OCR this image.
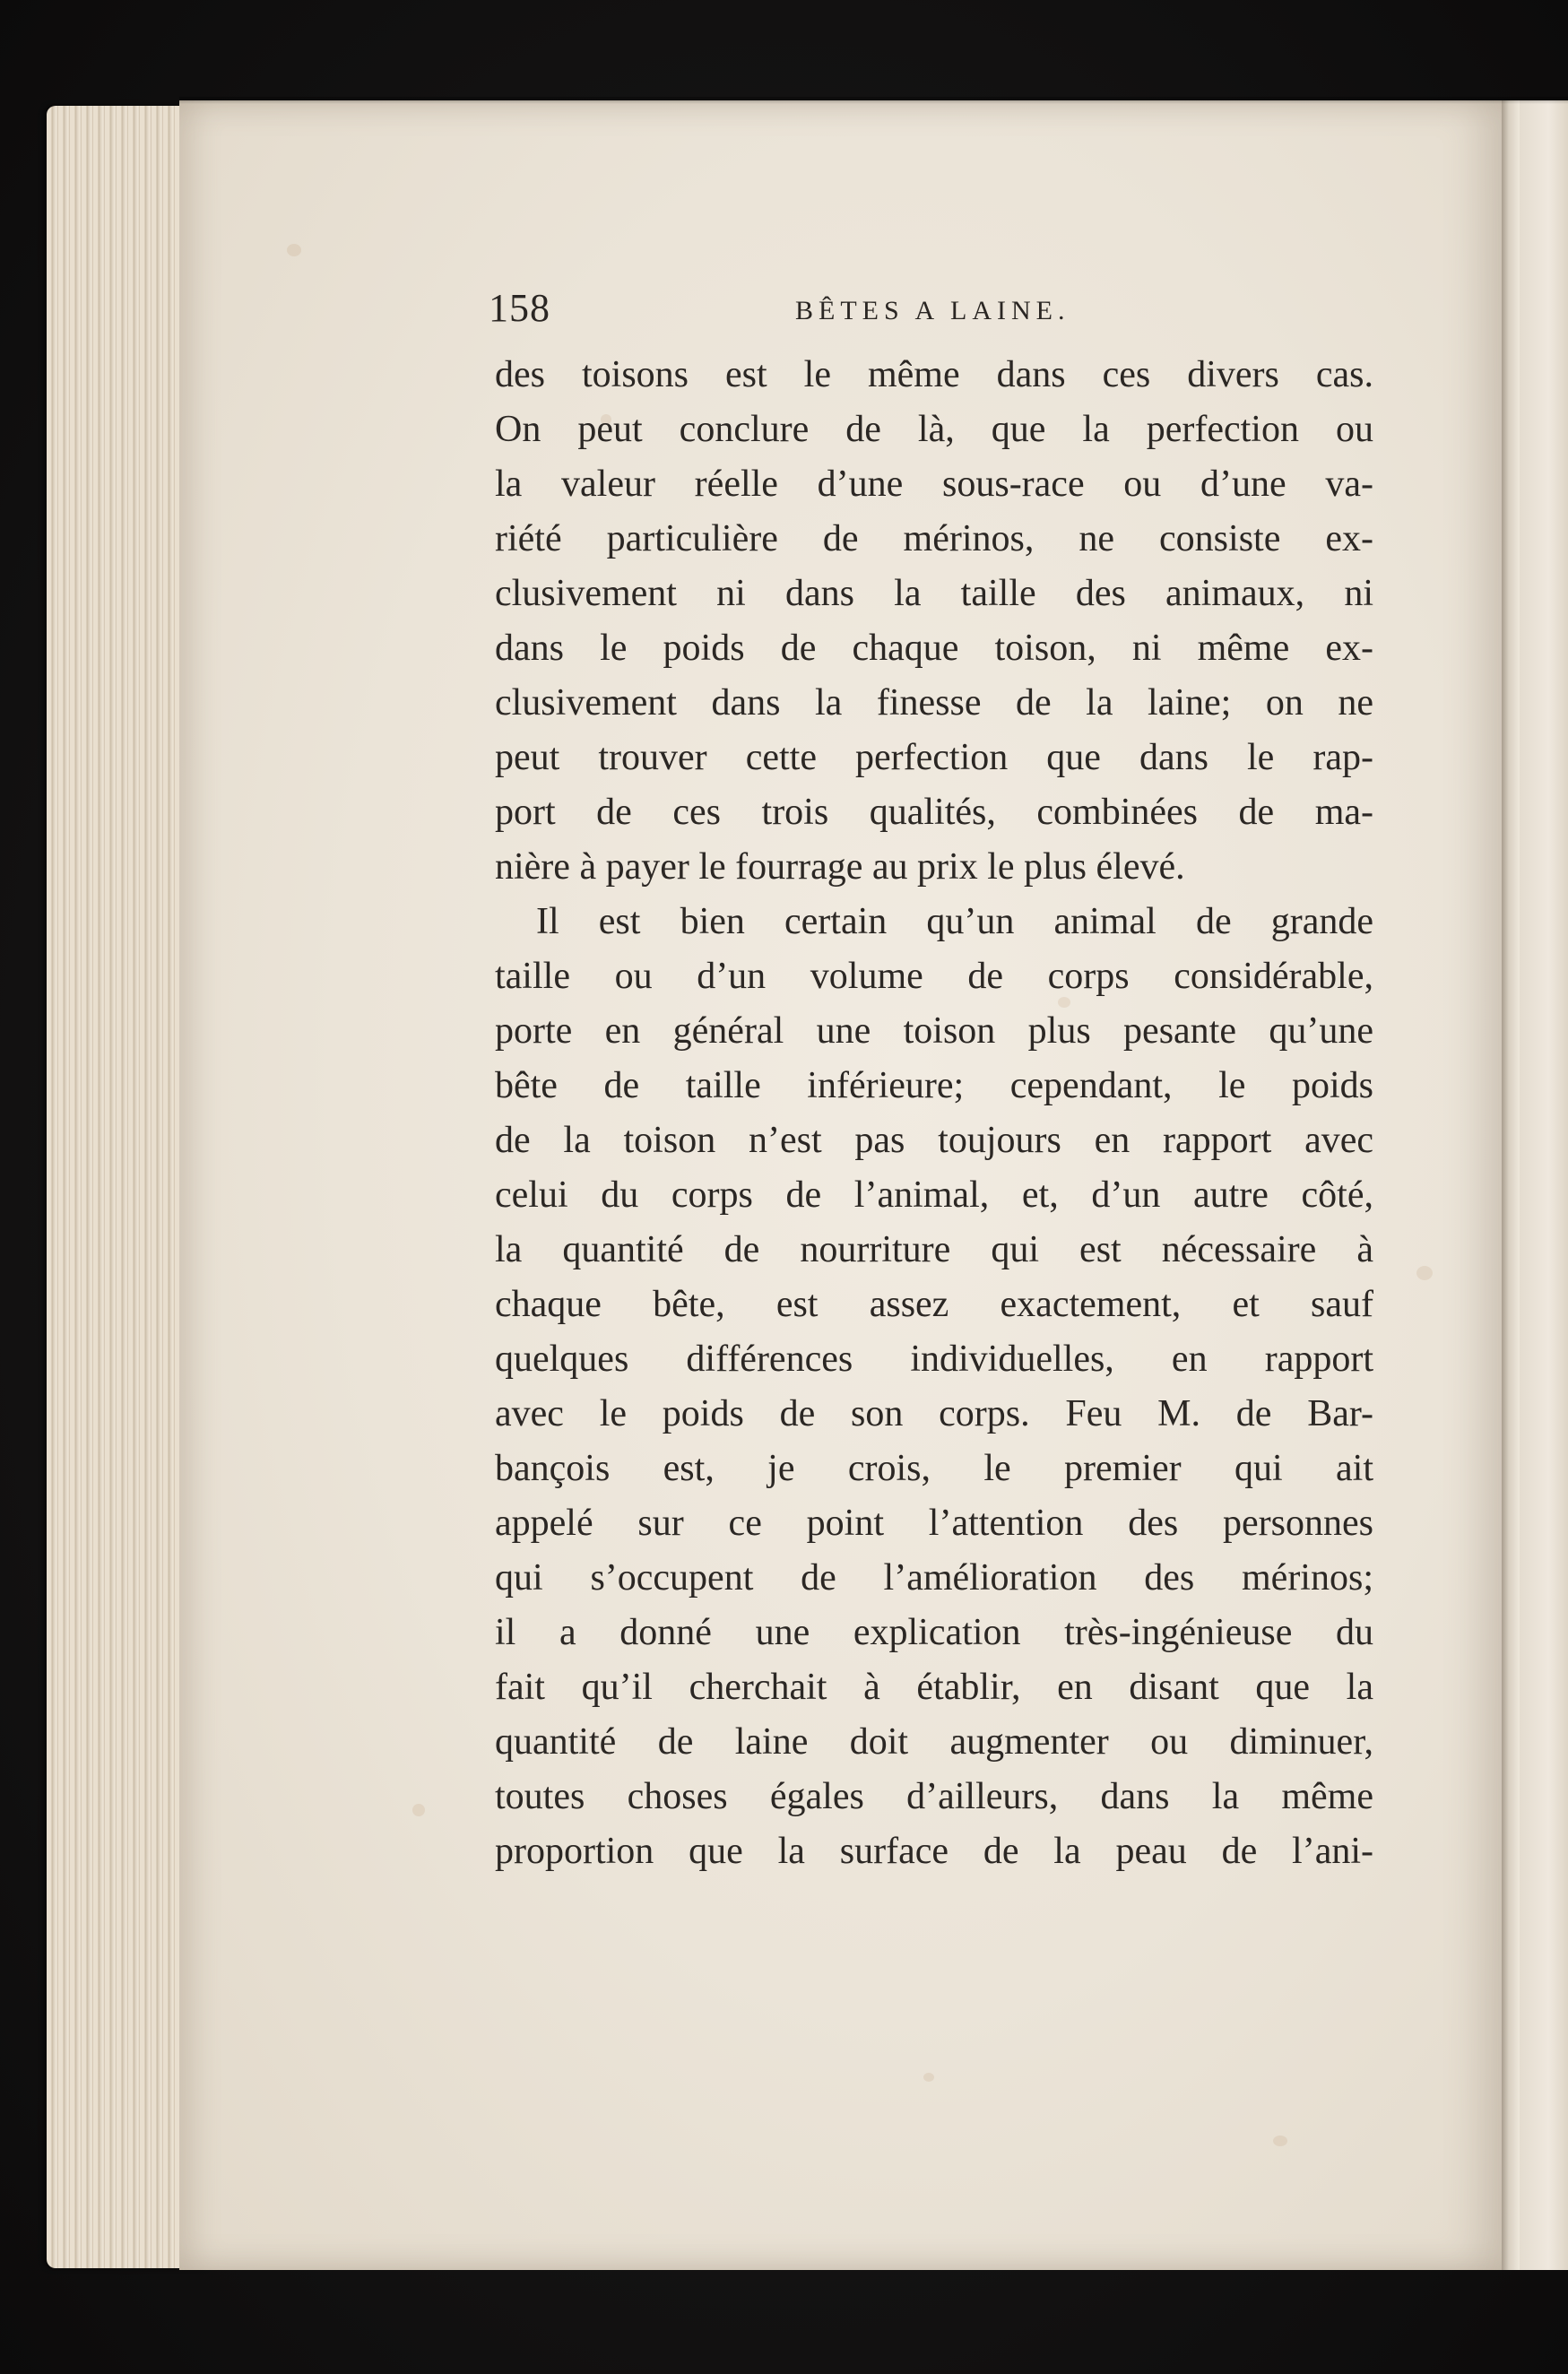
158	BÊTES A LAINE.
des toisons est le même dans ces divers cas.
On peut conclure de là, que la perfection ou
la valeur réelle d’une sous-race ou d’une va-
riété particulière de mérinos, ne consiste ex-
clusivement ni dans la taille des animaux, ni
dans le poids de chaque toison, ni même ex-
clusivement dans la finesse de la laine; on ne
peut trouver cette perfection que dans le rap-
port de ces trois qualités, combinées de ma-
nière à payer le fourrage au prix le plus élevé.
Il est bien certain qu’un animal de grande
taille ou d’un volume de corps considérable,
porte en général une toison plus pesante qu’une
bête de taille inférieure; cependant, le poids
de la toison n’est pas toujours en rapport avec
celui du corps de l’animal, et, d’un autre côté,
la quantité de nourriture qui est nécessaire à
chaque bête, est assez exactement, et sauf
quelques différences individuelles, en rapport
avec le poids de son corps. Feu M. de Bar-
bançois est, je crois, le premier qui ait
appelé sur ce point l’attention des personnes
qui s’occupent de l’amélioration des mérinos;
il a donné une explication très-ingénieuse du
fait qu’il cherchait à établir, en disant que la
quantité de laine doit augmenter ou diminuer,
toutes choses égales d’ailleurs, dans la même
proportion que la surface de la peau de l’ani-
